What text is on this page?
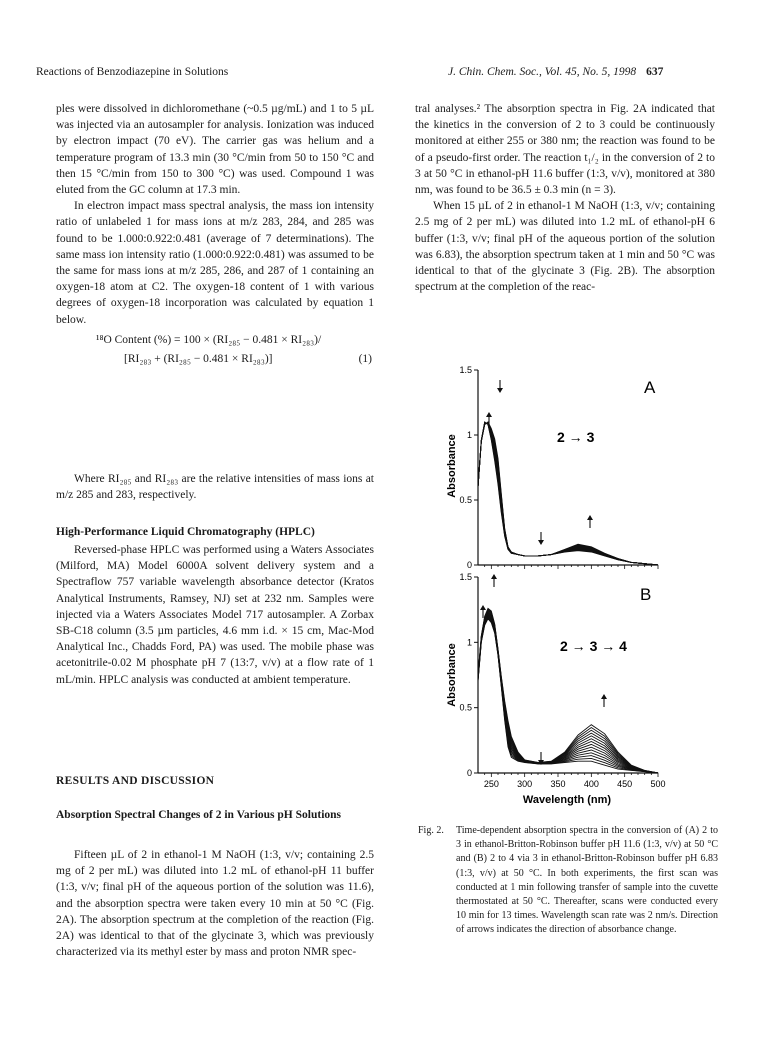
Reactions of Benzodiazepine in Solutions	J. Chin. Chem. Soc., Vol. 45, No. 5, 1998 637

ples were dissolved in dichloromethane (~0.5 µg/mL) and 1 to 5 µL was injected via an autosampler for analysis. Ionization was induced by electron impact (70 eV). The carrier gas was helium and a temperature program of 13.3 min (30 °C/min from 50 to 150 °C and then 15 °C/min from 150 to 300 °C) was used. Compound 1 was eluted from the GC column at 17.3 min.

In electron impact mass spectral analysis, the mass ion intensity ratio of unlabeled 1 for mass ions at m/z 283, 284, and 285 was found to be 1.000:0.922:0.481 (average of 7 determinations). The same mass ion intensity ratio (1.000:0.922:0.481) was assumed to be the same for mass ions at m/z 285, 286, and 287 of 1 containing an oxygen-18 atom at C2. The oxygen-18 content of 1 with various degrees of oxygen-18 incorporation was calculated by equation 1 below.

¹⁸O Content (%) = 100 × (RI₂₈₅ − 0.481 × RI₂₈₃)/
[RI₂₈₃ + (RI₂₈₅ − 0.481 × RI₂₈₃)]	(1)

Where RI₂₈₅ and RI₂₈₃ are the relative intensities of mass ions at m/z 285 and 283, respectively.

High-Performance Liquid Chromatography (HPLC)

Reversed-phase HPLC was performed using a Waters Associates (Milford, MA) Model 6000A solvent delivery system and a Spectraflow 757 variable wavelength absorbance detector (Kratos Analytical Instruments, Ramsey, NJ) set at 232 nm. Samples were injected via a Waters Associates Model 717 autosampler. A Zorbax SB-C18 column (3.5 µm particles, 4.6 mm i.d. × 15 cm, Mac-Mod Analytical Inc., Chadds Ford, PA) was used. The mobile phase was acetonitrile-0.02 M phosphate pH 7 (13:7, v/v) at a flow rate of 1 mL/min. HPLC analysis was conducted at ambient temperature.

RESULTS AND DISCUSSION
Absorption Spectral Changes of 2 in Various pH Solutions

Fifteen µL of 2 in ethanol-1 M NaOH (1:3, v/v; containing 2.5 mg of 2 per mL) was diluted into 1.2 mL of ethanol-pH 11 buffer (1:3, v/v; final pH of the aqueous portion of the solution was 11.6), and the absorption spectra were taken every 10 min at 50 °C (Fig. 2A). The absorption spectrum at the completion of the reaction (Fig. 2A) was identical to that of the glycinate 3, which was previously characterized via its methyl ester by mass and proton NMR spec-

tral analyses.² The absorption spectra in Fig. 2A indicated that the kinetics in the conversion of 2 to 3 could be continuously monitored at either 255 or 380 nm; the reaction was found to be of a pseudo-first order. The reaction t₁/₂ in the conversion of 2 to 3 at 50 °C in ethanol-pH 11.6 buffer (1:3, v/v), monitored at 380 nm, was found to be 36.5 ± 0.3 min (n = 3).

When 15 µL of 2 in ethanol-1 M NaOH (1:3, v/v; containing 2.5 mg of 2 per mL) was diluted into 1.2 mL of ethanol-pH 6 buffer (1:3, v/v; final pH of the aqueous portion of the solution was 6.83), the absorption spectrum taken at 1 min and 50 °C was identical to that of the glycinate 3 (Fig. 2B). The absorption spectrum at the completion of the reac-

0
0.5
1
1.5
0
0.5
1
1.5
250 300 350 400 450 500
A
B
2 → 3
2 → 3 → 4
Absorbance
Absorbance
Wavelength (nm)
Fig. 2. Time-dependent absorption spectra in the conversion of (A) 2 to 3 in ethanol-Britton-Robinson buffer pH 11.6 (1:3, v/v) at 50 °C and (B) 2 to 4 via 3 in ethanol-Britton-Robinson buffer pH 6.83 (1:3, v/v) at 50 °C. In both experiments, the first scan was conducted at 1 min following transfer of sample into the cuvette thermostated at 50 °C. Thereafter, scans were conducted every 10 min for 13 times. Wavelength scan rate was 2 nm/s. Direction of arrows indicates the direction of absorbance change.
